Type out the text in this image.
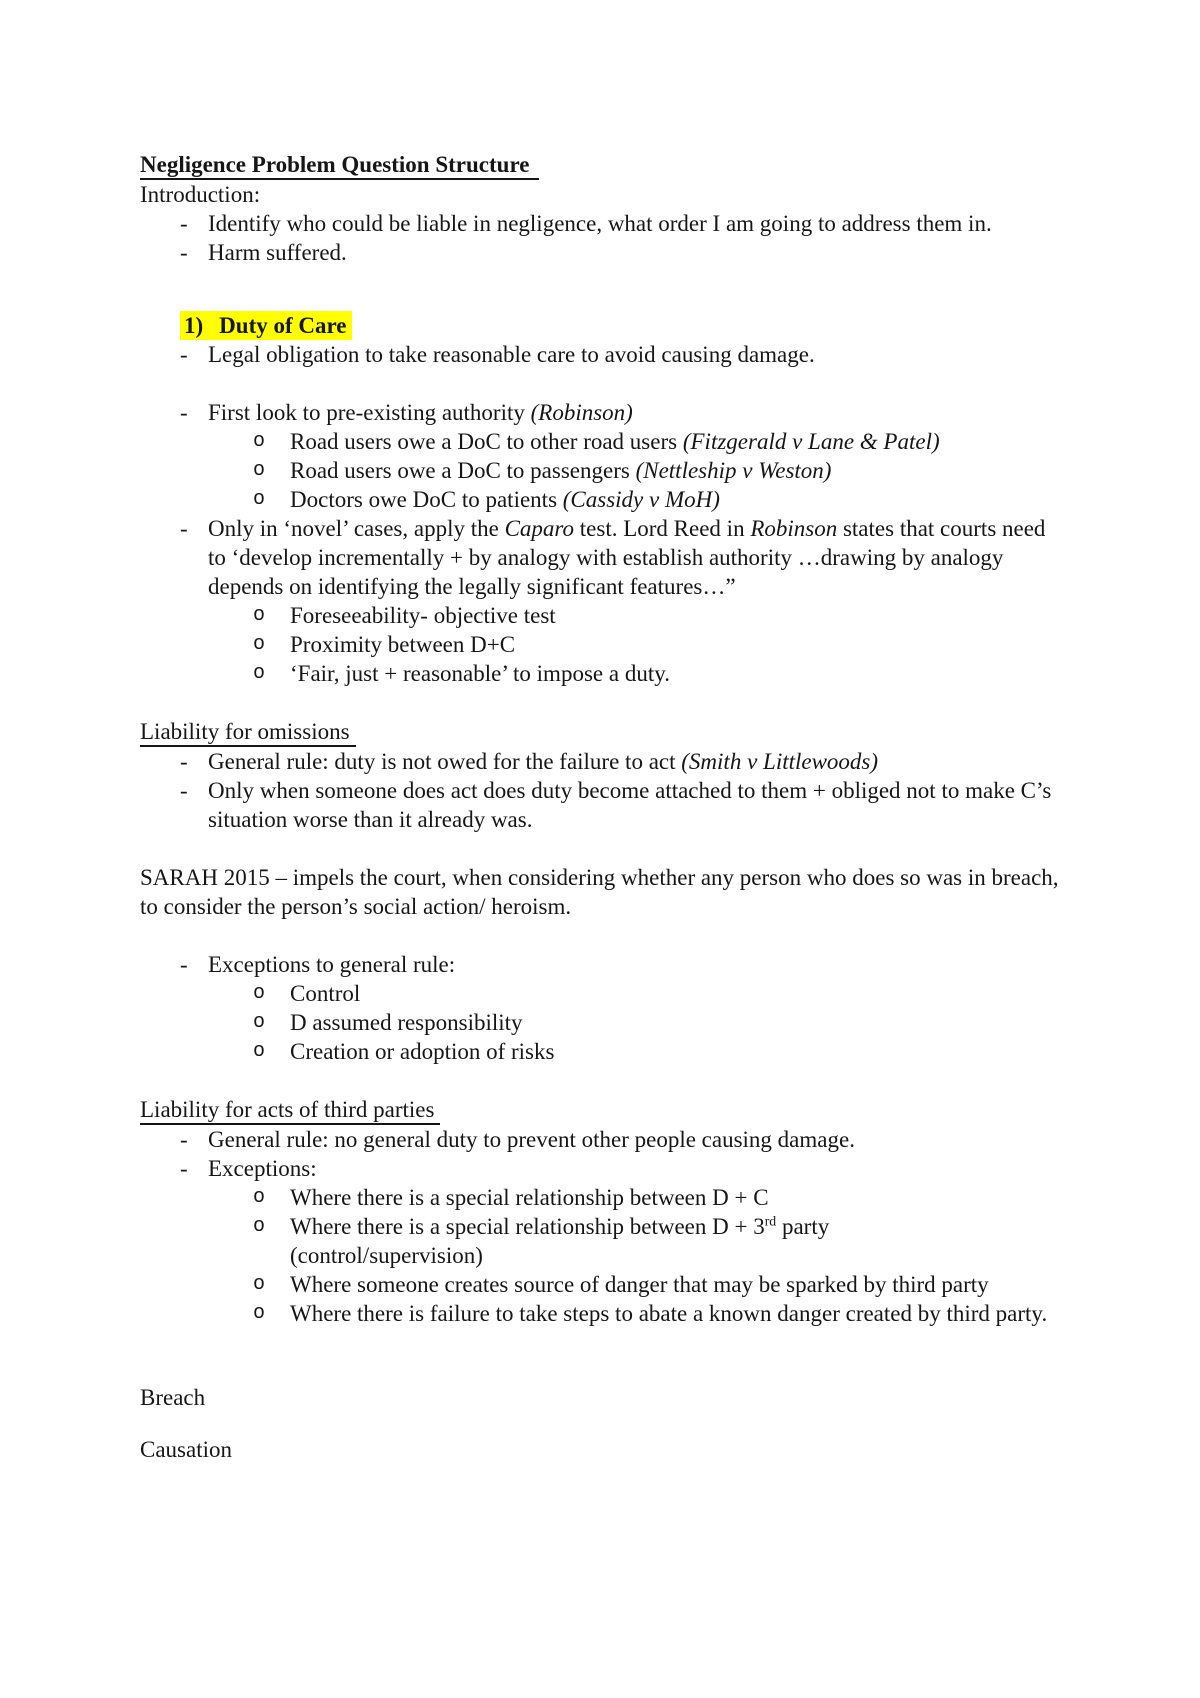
Negligence Problem Question Structure
Introduction:
- Identify who could be liable in negligence, what order I am going to address them in.
- Harm suffered.
1) Duty of Care
- Legal obligation to take reasonable care to avoid causing damage.
- First look to pre-existing authority (Robinson)
o Road users owe a DoC to other road users (Fitzgerald v Lane & Patel)
o Road users owe a DoC to passengers (Nettleship v Weston)
o Doctors owe DoC to patients (Cassidy v MoH)
- Only in ‘novel’ cases, apply the Caparo test. Lord Reed in Robinson states that courts need to ‘develop incrementally + by analogy with establish authority …drawing by analogy depends on identifying the legally significant features…”
o Foreseeability- objective test
o Proximity between D+C
o ‘Fair, just + reasonable’ to impose a duty.
Liability for omissions
- General rule: duty is not owed for the failure to act (Smith v Littlewoods)
- Only when someone does act does duty become attached to them + obliged not to make C’s situation worse than it already was.
SARAH 2015 – impels the court, when considering whether any person who does so was in breach, to consider the person’s social action/ heroism.
- Exceptions to general rule:
o Control
o D assumed responsibility
o Creation or adoption of risks
Liability for acts of third parties
- General rule: no general duty to prevent other people causing damage.
- Exceptions:
o Where there is a special relationship between D + C
o Where there is a special relationship between D + 3rd party
(control/supervision)
o Where someone creates source of danger that may be sparked by third party
o Where there is failure to take steps to abate a known danger created by third party.
Breach
Causation
